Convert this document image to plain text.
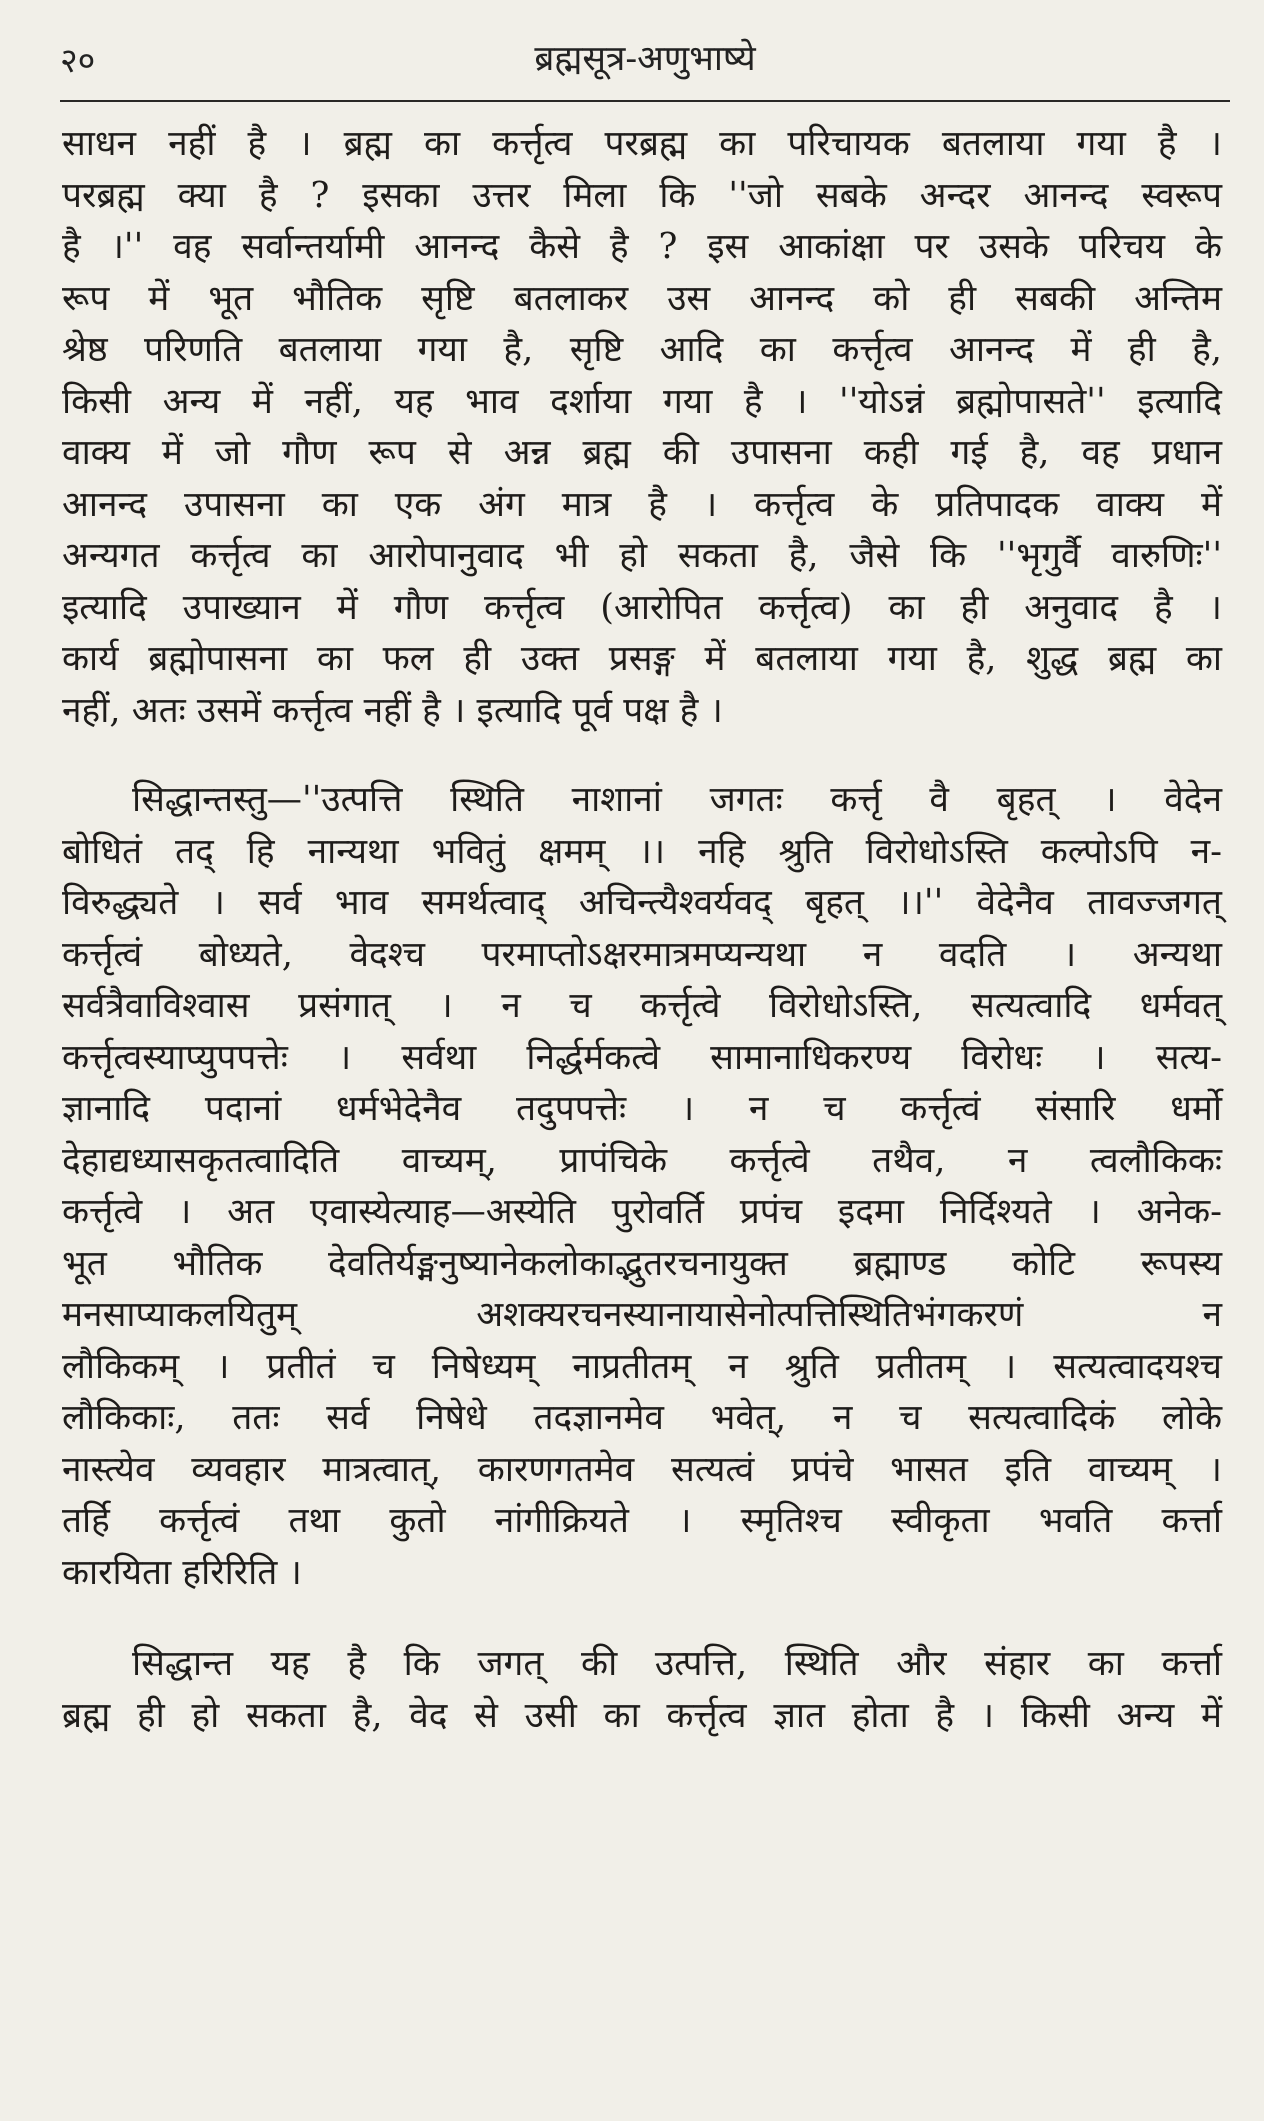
२०	ब्रह्मसूत्र-अणुभाष्ये

साधन नहीं है । ब्रह्म का कर्त्तृत्व परब्रह्म का परिचायक बतलाया गया है ।
परब्रह्म क्या है ? इसका उत्तर मिला कि ''जो सबके अन्दर आनन्द स्वरूप
है ।'' वह सर्वान्तर्यामी आनन्द कैसे है ? इस आकांक्षा पर उसके परिचय के
रूप में भूत भौतिक सृष्टि बतलाकर उस आनन्द को ही सबकी अन्तिम
श्रेष्ठ परिणति बतलाया गया है, सृष्टि आदि का कर्त्तृत्व आनन्द में ही है,
किसी अन्य में नहीं, यह भाव दर्शाया गया है । ''योऽन्नं ब्रह्मोपासते'' इत्यादि
वाक्य में जो गौण रूप से अन्न ब्रह्म की उपासना कही गई है, वह प्रधान
आनन्द उपासना का एक अंग मात्र है । कर्त्तृत्व के प्रतिपादक वाक्य में
अन्यगत कर्त्तृत्व का आरोपानुवाद भी हो सकता है, जैसे कि ''भृगुर्वै वारुणिः''
इत्यादि उपाख्यान में गौण कर्त्तृत्व (आरोपित कर्त्तृत्व) का ही अनुवाद है ।
कार्य ब्रह्मोपासना का फल ही उक्त प्रसङ्ग में बतलाया गया है, शुद्ध ब्रह्म का
नहीं, अतः उसमें कर्त्तृत्व नहीं है । इत्यादि पूर्व पक्ष है ।

सिद्धान्तस्तु—''उत्पत्ति स्थिति नाशानां जगतः कर्त्तृ वै बृहत् । वेदेन
बोधितं तद् हि नान्यथा भवितुं क्षमम् ।। नहि श्रुति विरोधोऽस्ति कल्पोऽपि न-
विरुद्ध्यते । सर्व भाव समर्थत्वाद् अचिन्त्यैश्वर्यवद् बृहत् ।।'' वेदेनैव तावज्जगत्
कर्त्तृत्वं बोध्यते, वेदश्च परमाप्तोऽक्षरमात्रमप्यन्यथा न वदति । अन्यथा
सर्वत्रैवाविश्वास प्रसंगात् । न च कर्त्तृत्वे विरोधोऽस्ति, सत्यत्वादि धर्मवत्
कर्त्तृत्वस्याप्युपपत्तेः । सर्वथा निर्द्धर्मकत्वे सामानाधिकरण्य विरोधः । सत्य-
ज्ञानादि पदानां धर्मभेदेनैव तदुपपत्तेः । न च कर्त्तृत्वं संसारि धर्मो
देहाद्यध्यासकृतत्वादिति वाच्यम्, प्रापंचिके कर्त्तृत्वे तथैव, न त्वलौकिकः
कर्त्तृत्वे । अत एवास्येत्याह—अस्येति पुरोवर्ति प्रपंच इदमा निर्दिश्यते । अनेक-
भूत भौतिक देवतिर्यङ्मनुष्यानेकलोकाद्भुतरचनायुक्त ब्रह्माण्ड कोटि रूपस्य
मनसाप्याकलयितुम् अशक्यरचनस्यानायासेनोत्पत्तिस्थितिभंगकरणं न
लौकिकम् । प्रतीतं च निषेध्यम् नाप्रतीतम् न श्रुति प्रतीतम् । सत्यत्वादयश्च
लौकिकाः, ततः सर्व निषेधे तदज्ञानमेव भवेत्, न च सत्यत्वादिकं लोके
नास्त्येव व्यवहार मात्रत्वात्, कारणगतमेव सत्यत्वं प्रपंचे भासत इति वाच्यम् ।
तर्हि कर्त्तृत्वं तथा कुतो नांगीक्रियते । स्मृतिश्च स्वीकृता भवति कर्त्ता
कारयिता हरिरिति ।

सिद्धान्त यह है कि जगत् की उत्पत्ति, स्थिति और संहार का कर्त्ता
ब्रह्म ही हो सकता है, वेद से उसी का कर्त्तृत्व ज्ञात होता है । किसी अन्य में
